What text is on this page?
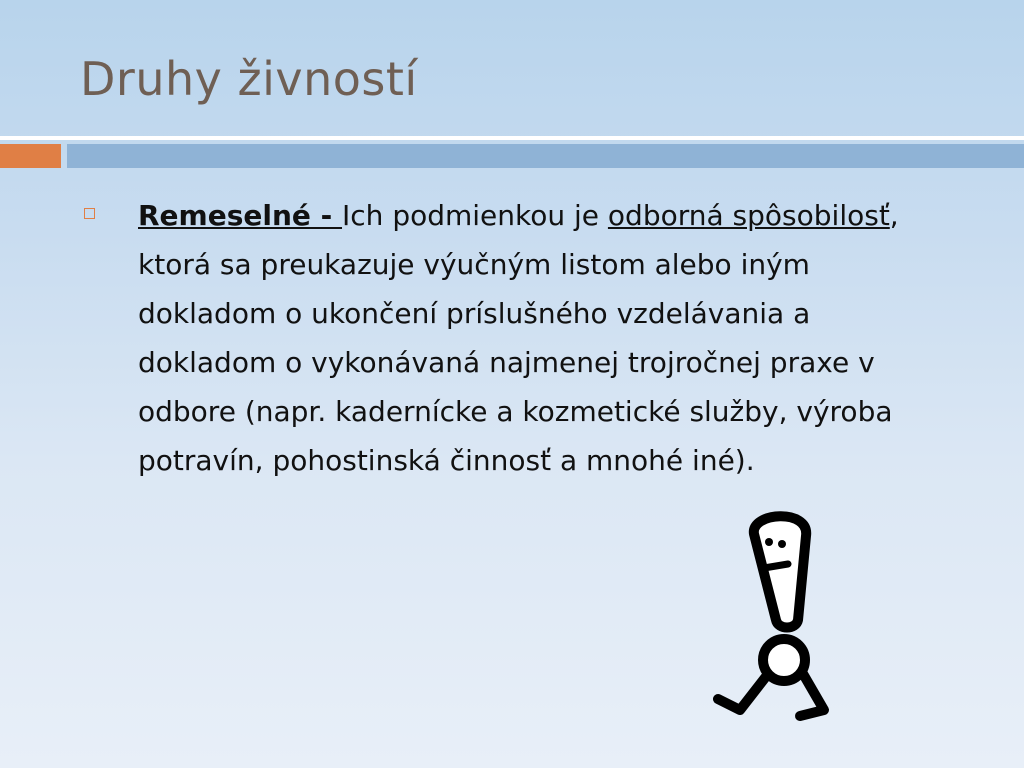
Druhy živností
Remeselné - Ich podmienkou je odborná spôsobilosť, ktorá sa preukazuje výučným listom alebo iným dokladom o ukončení príslušného vzdelávania a dokladom o vykonávaná najmenej trojročnej praxe v odbore (napr. kadernícke a kozmetické služby, výroba potravín, pohostinská činnosť a mnohé iné).
